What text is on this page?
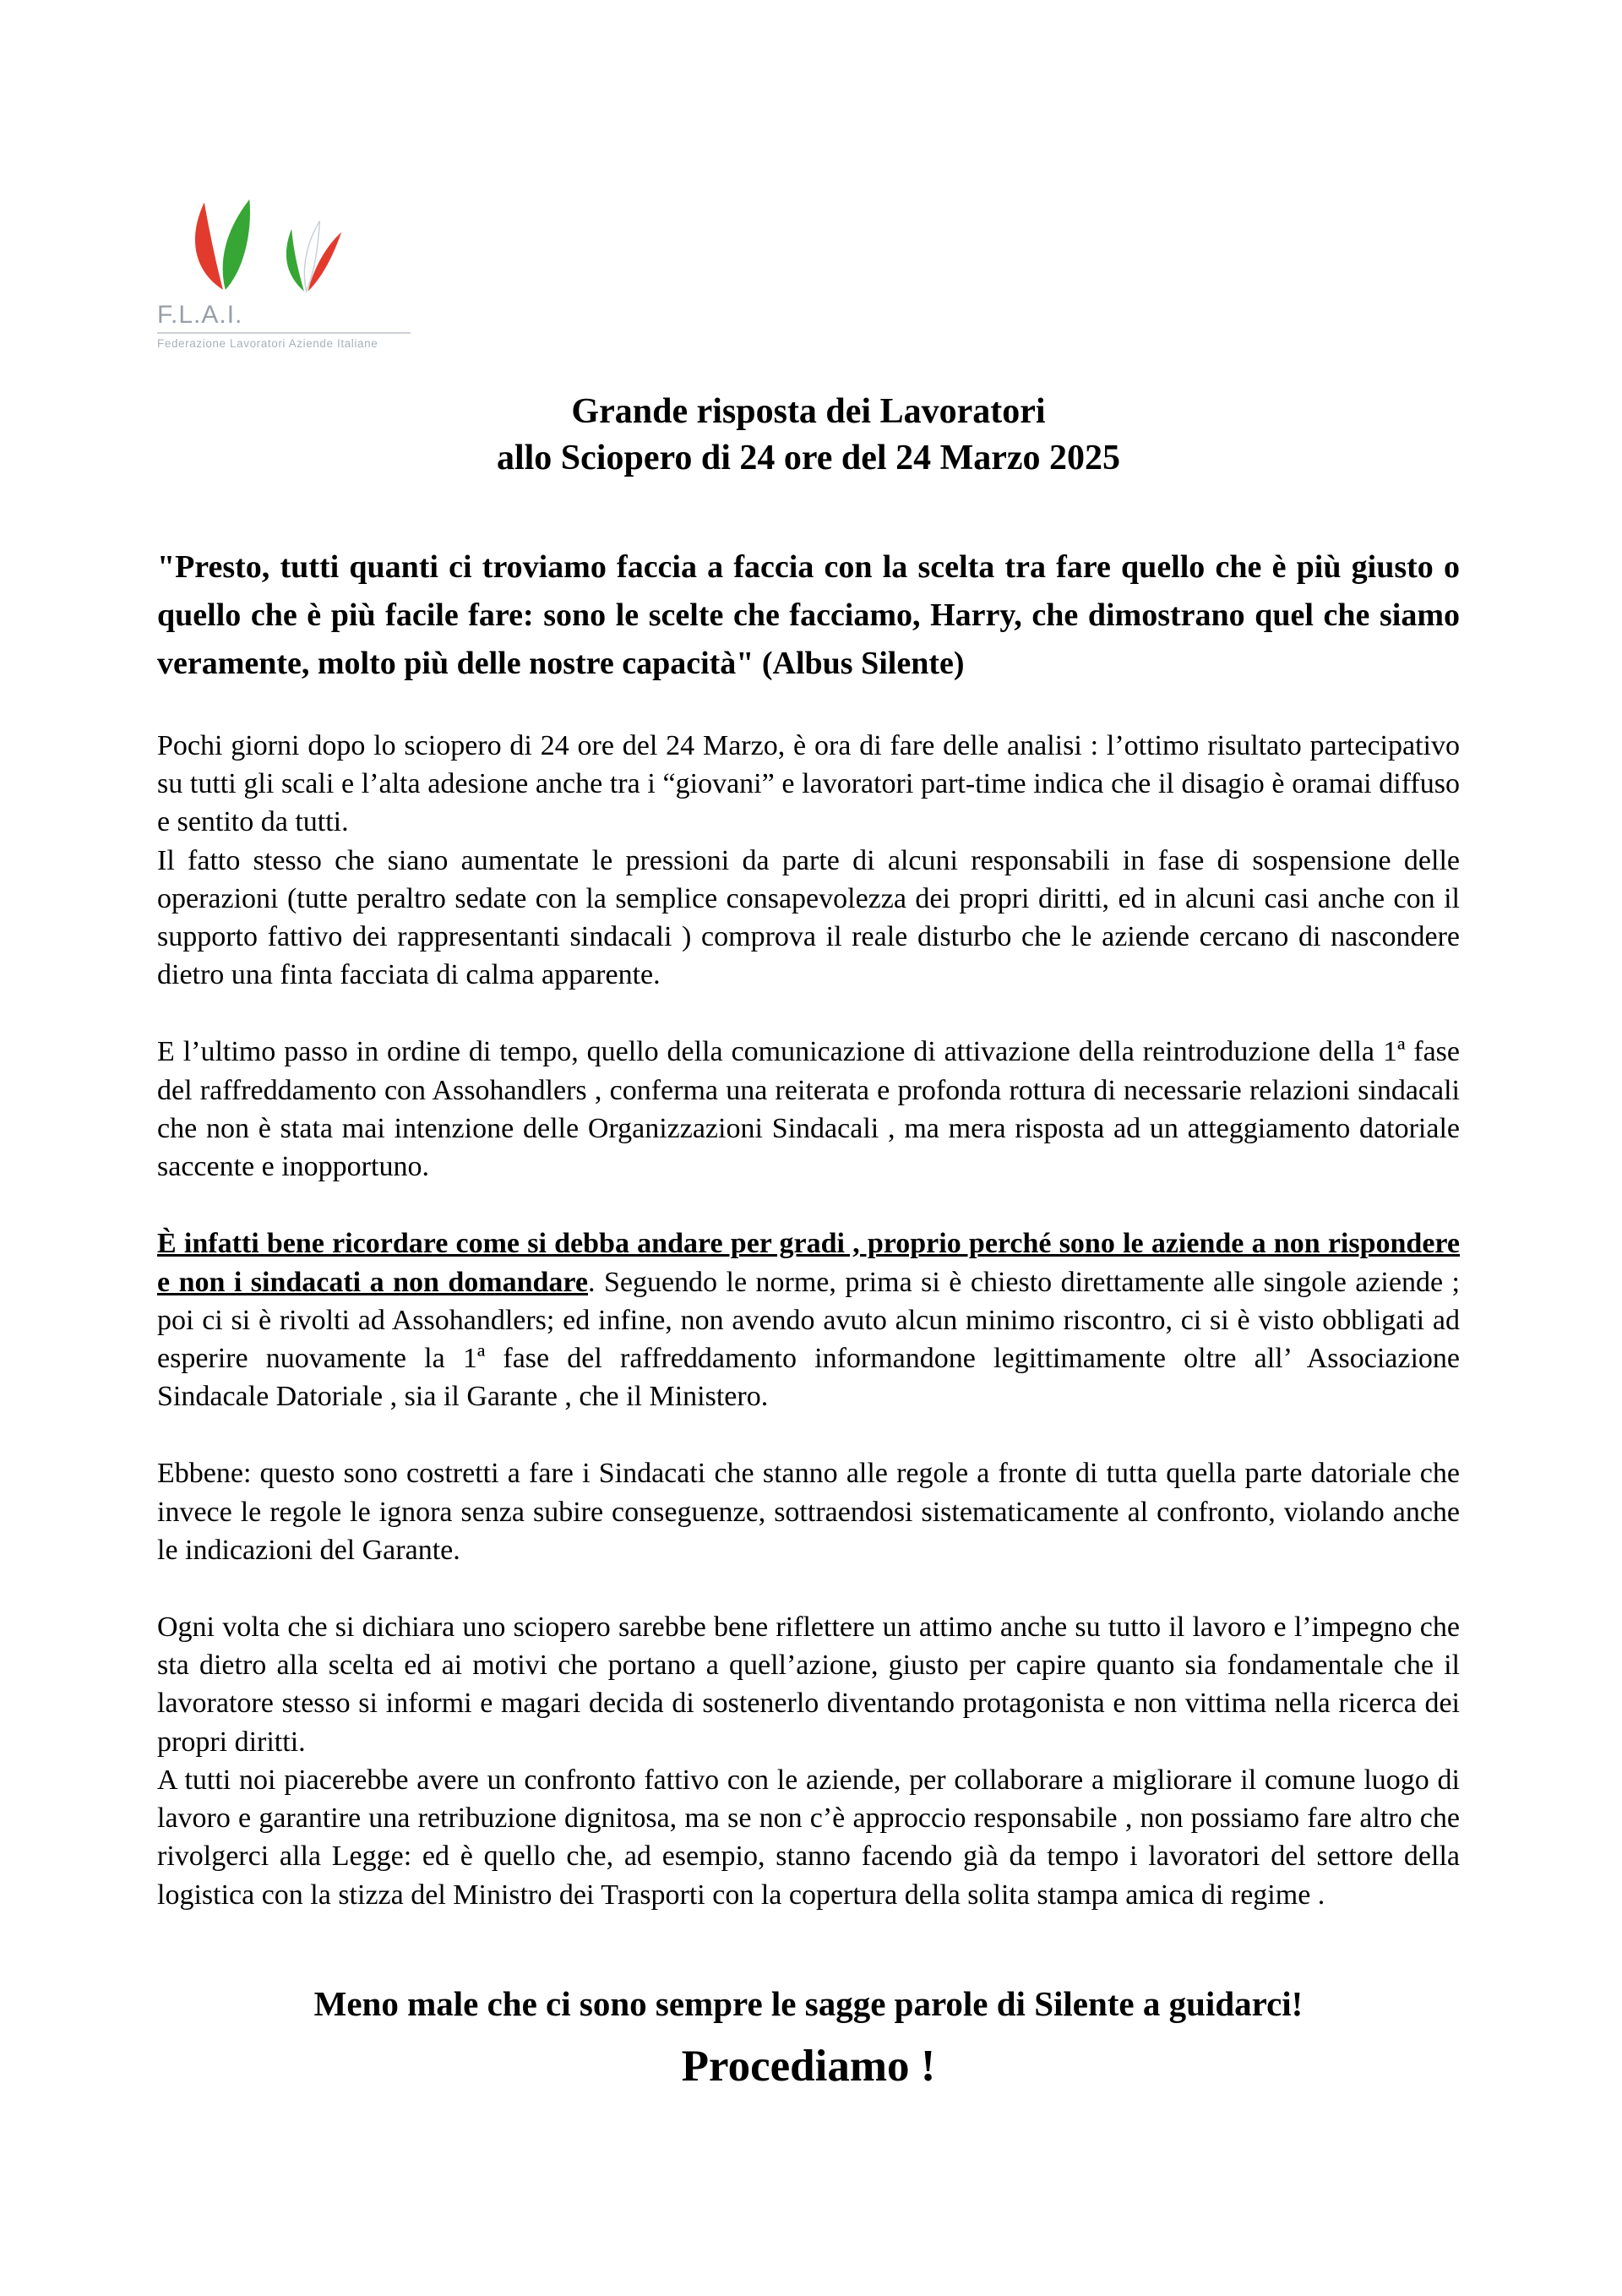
F.L.A.I.
Federazione Lavoratori Aziende Italiane
Grande risposta dei Lavoratori
allo Sciopero di 24 ore del 24 Marzo 2025

"Presto, tutti quanti ci troviamo faccia a faccia con la scelta tra fare quello che è più giusto o quello che è più facile fare: sono le scelte che facciamo, Harry, che dimostrano quel che siamo veramente, molto più delle nostre capacità" (Albus Silente)

Pochi giorni dopo lo sciopero di 24 ore del 24 Marzo, è ora di fare delle analisi : l’ottimo risultato partecipativo su tutti gli scali e l’alta adesione anche tra i “giovani” e lavoratori part-time indica che il disagio è oramai diffuso e sentito da tutti.
Il fatto stesso che siano aumentate le pressioni da parte di alcuni responsabili in fase di sospensione delle operazioni (tutte peraltro sedate con la semplice consapevolezza dei propri diritti, ed in alcuni casi anche con il supporto fattivo dei rappresentanti sindacali ) comprova il reale disturbo che le aziende cercano di nascondere dietro una finta facciata di calma apparente.

E l’ultimo passo in ordine di tempo, quello della comunicazione di attivazione della reintroduzione della 1ª fase del raffreddamento con Assohandlers , conferma una reiterata e profonda rottura di necessarie relazioni sindacali che non è stata mai intenzione delle Organizzazioni Sindacali , ma mera risposta ad un atteggiamento datoriale saccente e inopportuno.

È infatti bene ricordare come si debba andare per gradi , proprio perché sono le aziende a non rispondere e non i sindacati a non domandare. Seguendo le norme, prima si è chiesto direttamente alle singole aziende ; poi ci si è rivolti ad Assohandlers; ed infine, non avendo avuto alcun minimo riscontro, ci si è visto obbligati ad esperire nuovamente la 1ª fase del raffreddamento informandone legittimamente oltre all’ Associazione Sindacale Datoriale , sia il Garante , che il Ministero.

Ebbene: questo sono costretti a fare i Sindacati che stanno alle regole a fronte di tutta quella parte datoriale che invece le regole le ignora senza subire conseguenze, sottraendosi sistematicamente al confronto, violando anche le indicazioni del Garante.

Ogni volta che si dichiara uno sciopero sarebbe bene riflettere un attimo anche su tutto il lavoro e l’impegno che sta dietro alla scelta ed ai motivi che portano a quell’azione, giusto per capire quanto sia fondamentale che il lavoratore stesso si informi e magari decida di sostenerlo diventando protagonista e non vittima nella ricerca dei propri diritti.
A tutti noi piacerebbe avere un confronto fattivo con le aziende, per collaborare a migliorare il comune luogo di lavoro e garantire una retribuzione dignitosa, ma se non c’è approccio responsabile , non possiamo fare altro che rivolgerci alla Legge: ed è quello che, ad esempio, stanno facendo già da tempo i lavoratori del settore della logistica con la stizza del Ministro dei Trasporti con la copertura della solita stampa amica di regime .

Meno male che ci sono sempre le sagge parole di Silente a guidarci!
Procediamo !
